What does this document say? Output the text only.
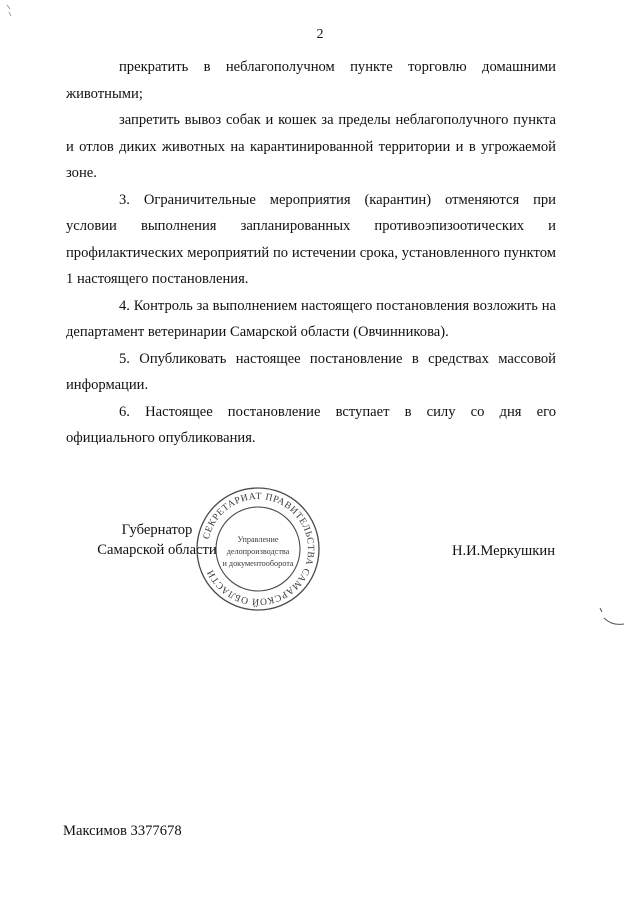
2

прекратить в неблагополучном пункте торговлю домашними животными;

запретить вывоз собак и кошек за пределы неблагополучного пункта и отлов диких животных на карантинированной территории и в угрожаемой зоне.

3. Ограничительные мероприятия (карантин) отменяются при условии выполнения запланированных противоэпизоотических и профилактических мероприятий по истечении срока, установленного пунктом 1 настоящего постановления.

4. Контроль за выполнением настоящего постановления возложить на департамент ветеринарии Самарской области (Овчинникова).

5. Опубликовать настоящее постановление в средствах массовой информации.

6. Настоящее постановление вступает в силу со дня его официального опубликования.

Губернатор
Самарской области
СЕКРЕТАРИАТ ПРАВИТЕЛЬСТВА САМАРСКОЙ ОБЛАСТИ
Управление
делопроизводства
и документооборота
Н.И.Меркушкин
Максимов 3377678
